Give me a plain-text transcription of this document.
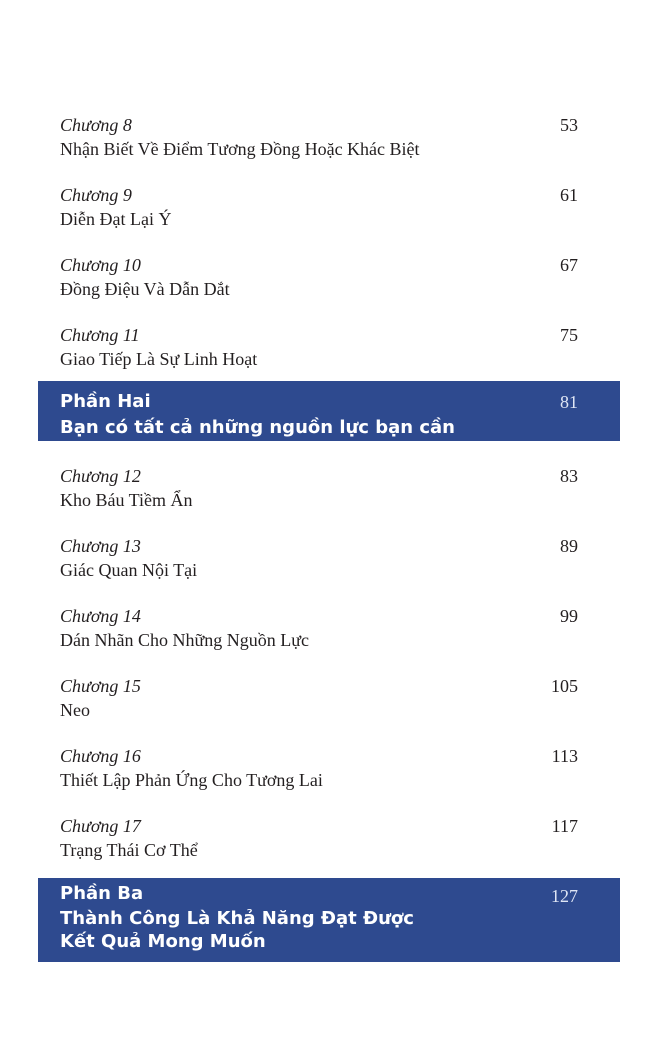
Chương 8
Nhận Biết Về Điểm Tương Đồng Hoặc Khác Biệt
53
Chương 9
Diễn Đạt Lại Ý
61
Chương 10
Đồng Điệu Và Dẫn Dắt
67
Chương 11
Giao Tiếp Là Sự Linh Hoạt
75
Phần Hai
Bạn có tất cả những nguồn lực bạn cần
81
Chương 12
Kho Báu Tiềm Ẩn
83
Chương 13
Giác Quan Nội Tại
89
Chương 14
Dán Nhãn Cho Những Nguồn Lực
99
Chương 15
Neo
105
Chương 16
Thiết Lập Phản Ứng Cho Tương Lai
113
Chương 17
Trạng Thái Cơ Thể
117
Phần Ba
Thành Công Là Khả Năng Đạt Được
Kết Quả Mong Muốn
127
